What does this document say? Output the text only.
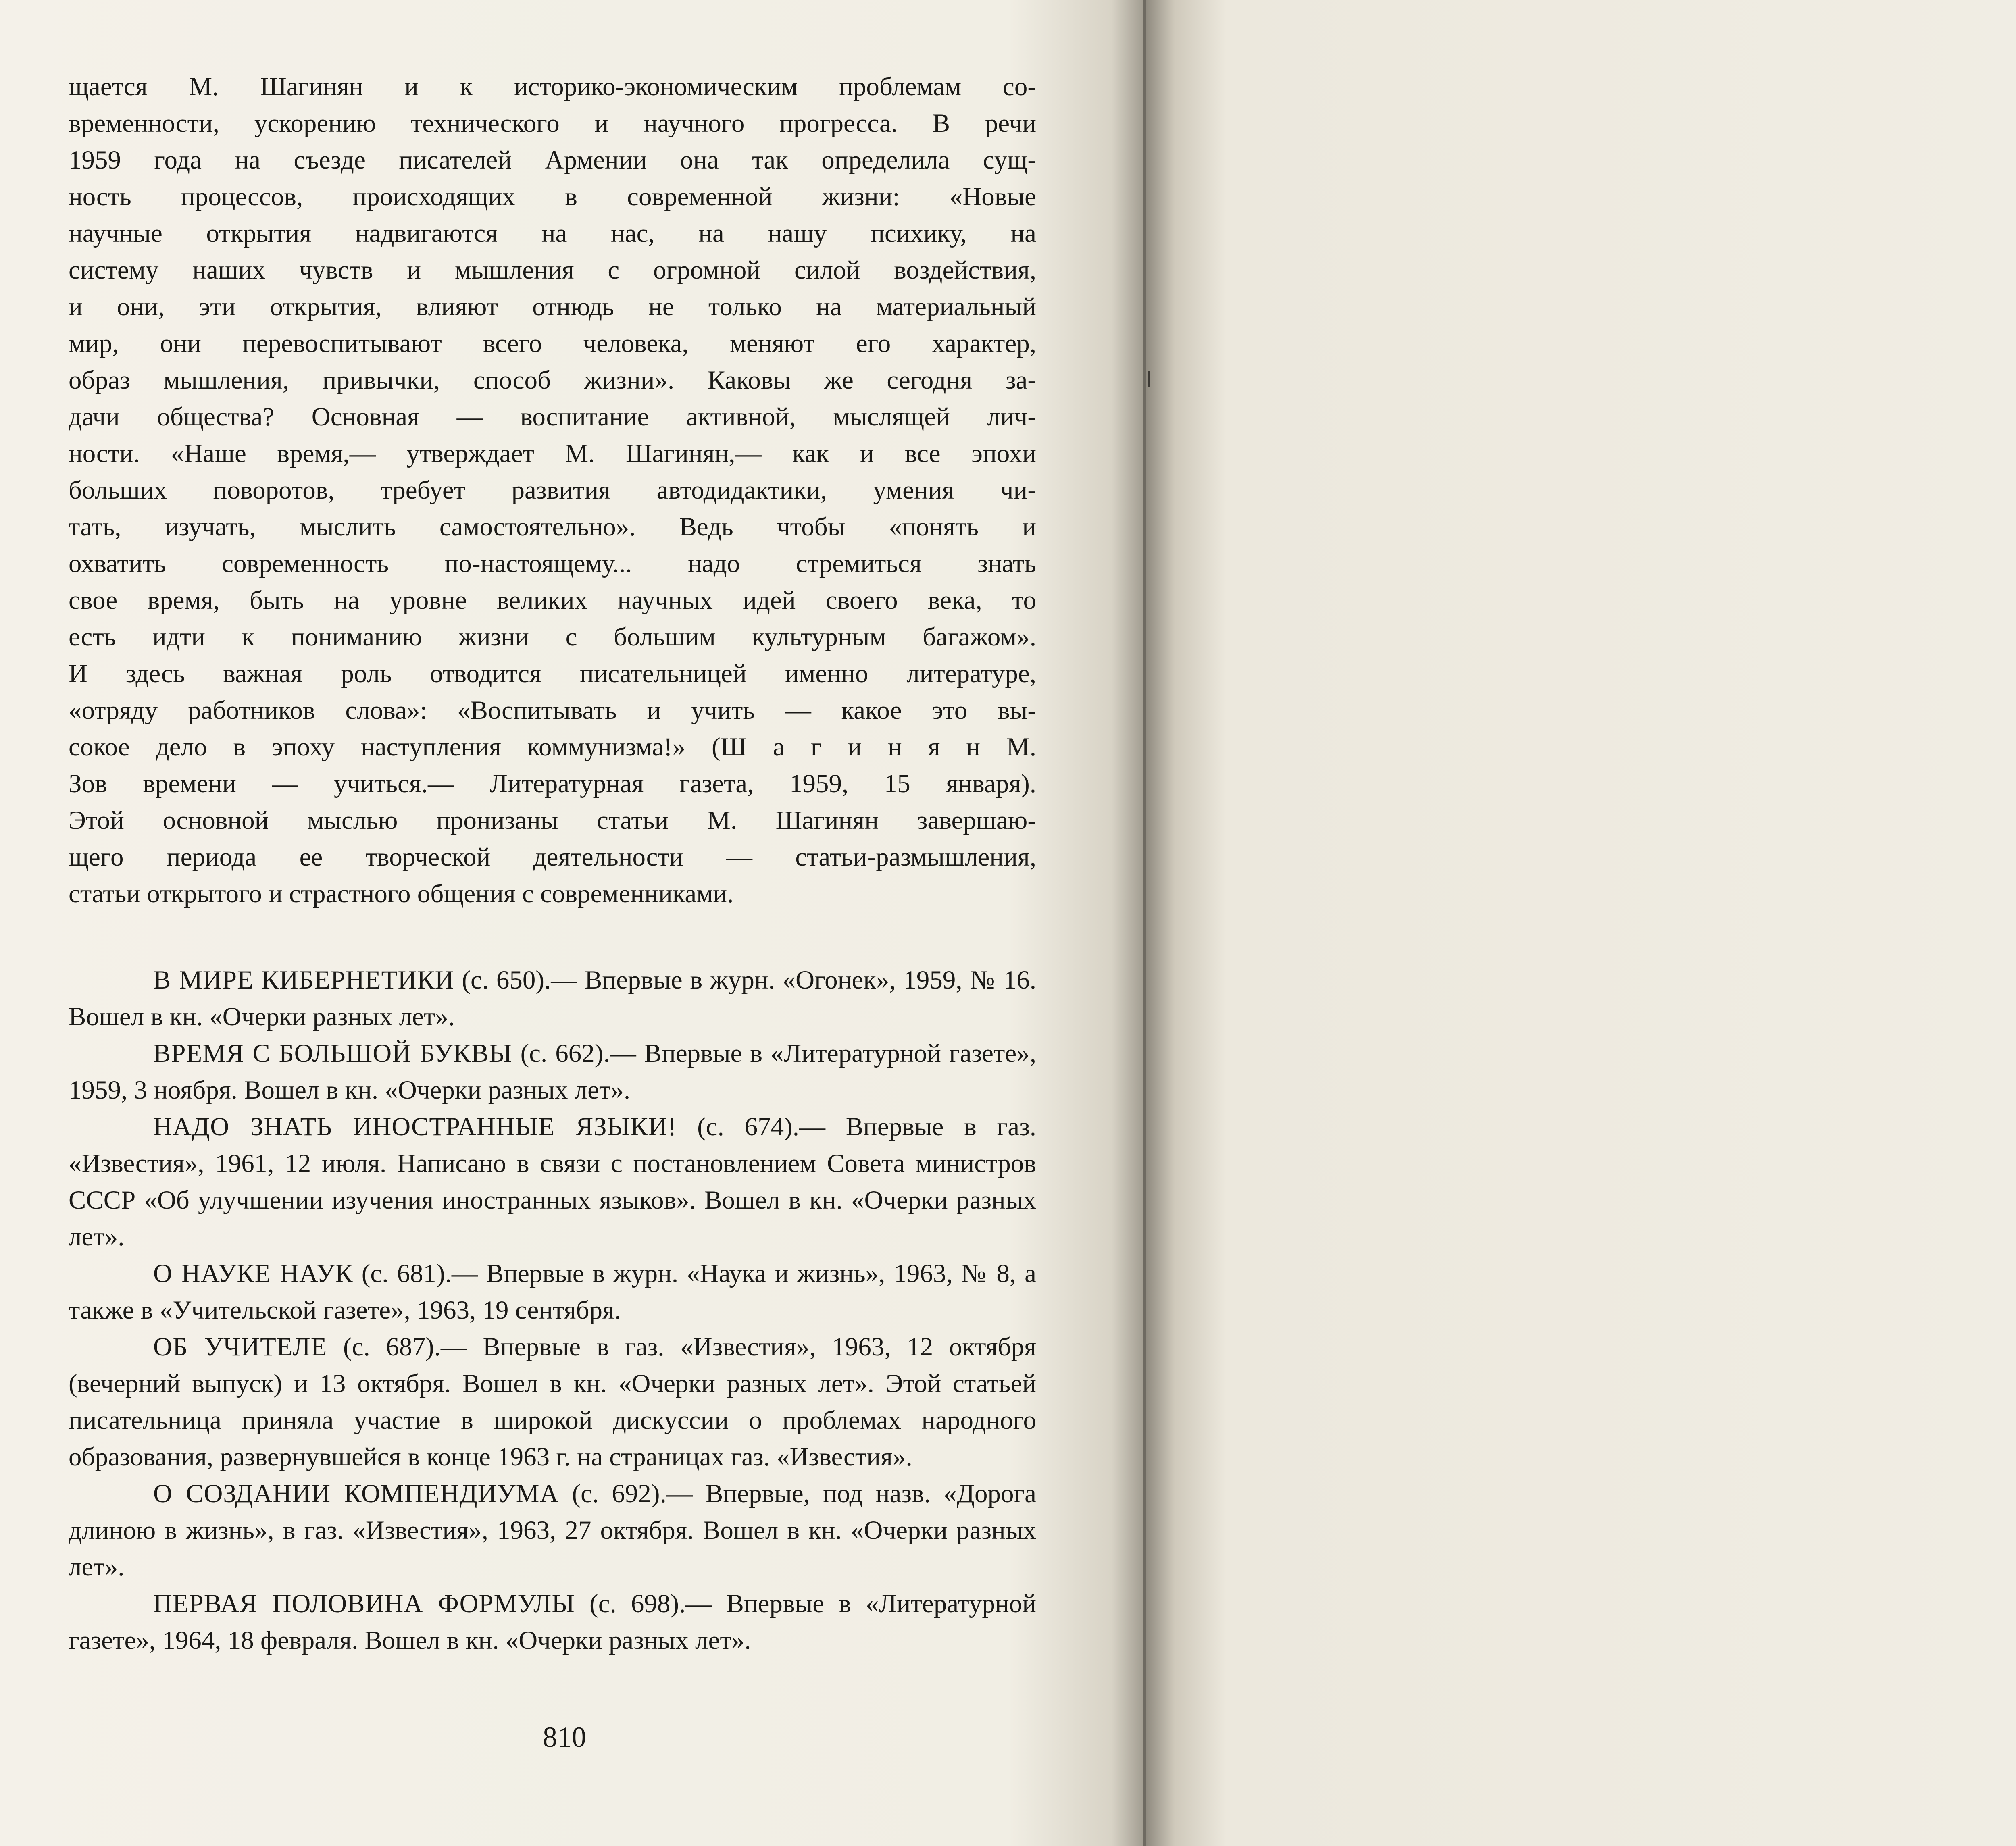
щается М. Шагинян и к историко-экономическим проблемам со-
временности, ускорению технического и научного прогресса. В речи
1959 года на съезде писателей Армении она так определила сущ-
ность процессов, происходящих в современной жизни: «Новые
научные открытия надвигаются на нас, на нашу психику, на
систему наших чувств и мышления с огромной силой воздействия,
и они, эти открытия, влияют отнюдь не только на материальный
мир, они перевоспитывают всего человека, меняют его характер,
образ мышления, привычки, способ жизни». Каковы же сегодня за-
дачи общества? Основная — воспитание активной, мыслящей лич-
ности. «Наше время,— утверждает М. Шагинян,— как и все эпохи
больших поворотов, требует развития автодидактики, умения чи-
тать, изучать, мыслить самостоятельно». Ведь чтобы «понять и
охватить современность по-настоящему... надо стремиться знать
свое время, быть на уровне великих научных идей своего века, то
есть идти к пониманию жизни с большим культурным багажом».
И здесь важная роль отводится писательницей именно литературе,
«отряду работников слова»: «Воспитывать и учить — какое это вы-
сокое дело в эпоху наступления коммунизма!» (Ш а г и н я н М.
Зов времени — учиться.— Литературная газета, 1959, 15 января).
Этой основной мыслью пронизаны статьи М. Шагинян завершаю-
щего периода ее творческой деятельности — статьи-размышления,
статьи открытого и страстного общения с современниками.

В МИРЕ КИБЕРНЕТИКИ (с. 650).— Впервые в журн. «Огонек», 1959, № 16. Вошел в кн. «Очерки разных лет».

ВРЕМЯ С БОЛЬШОЙ БУКВЫ (с. 662).— Впервые в «Литературной газете», 1959, 3 ноября. Вошел в кн. «Очерки разных лет».

НАДО ЗНАТЬ ИНОСТРАННЫЕ ЯЗЫКИ! (с. 674).— Впервые в газ. «Известия», 1961, 12 июля. Написано в связи с постановлением Совета министров СССР «Об улучшении изучения иностранных языков». Вошел в кн. «Очерки разных лет».

О НАУКЕ НАУК (с. 681).— Впервые в журн. «Наука и жизнь», 1963, № 8, а также в «Учительской газете», 1963, 19 сентября.

ОБ УЧИТЕЛЕ (с. 687).— Впервые в газ. «Известия», 1963, 12 октября (вечерний выпуск) и 13 октября. Вошел в кн. «Очерки разных лет». Этой статьей писательница приняла участие в широкой дискуссии о проблемах народного образования, развернувшейся в конце 1963 г. на страницах газ. «Известия».

О СОЗДАНИИ КОМПЕНДИУМА (с. 692).— Впервые, под назв. «Дорога длиною в жизнь», в газ. «Известия», 1963, 27 октября. Вошел в кн. «Очерки разных лет».

ПЕРВАЯ ПОЛОВИНА ФОРМУЛЫ (с. 698).— Впервые в «Литературной газете», 1964, 18 февраля. Вошел в кн. «Очерки разных лет».

810
